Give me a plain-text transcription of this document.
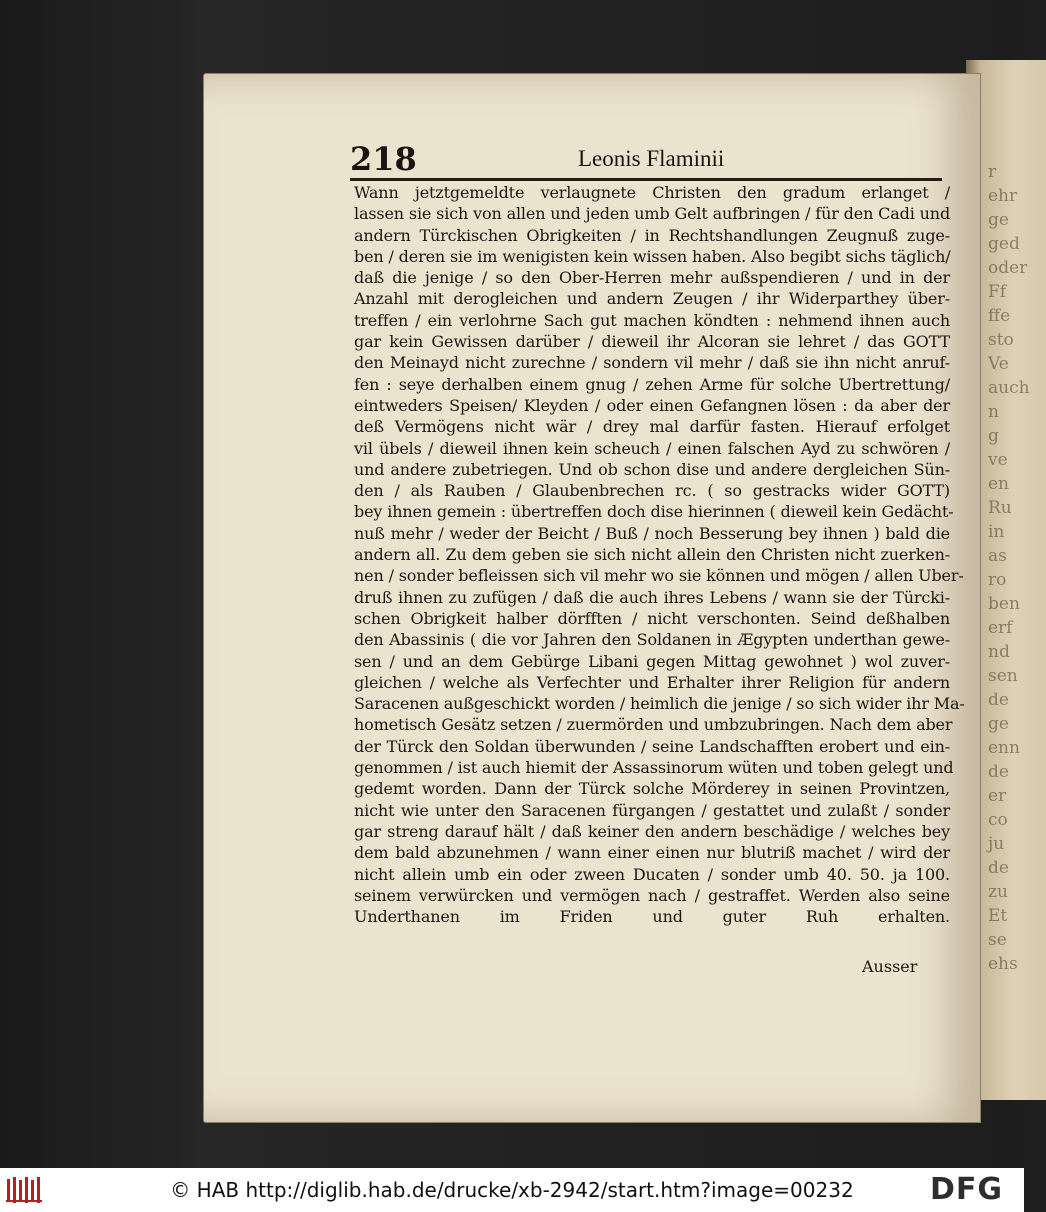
r
ehr
ge
ged
oder
Ff
ffe
sto
Ve
auch
n
g
ve
en
Ru
in
as
ro
ben
erf
nd
sen
de
ge
enn
de
er
co
ju
de
zu
Et
se
ehs
218	Leonis Flaminii
Wann jetztgemeldte verlaugnete Christen den gradum erlanget /
lassen sie sich von allen und jeden umb Gelt aufbringen / für den Cadi und
andern Türckischen Obrigkeiten / in Rechtshandlungen Zeugnuß zuge-
ben / deren sie im wenigisten kein wissen haben. Also begibt sichs täglich/
daß die jenige / so den Ober-Herren mehr außspendieren / und in der
Anzahl mit derogleichen und andern Zeugen / ihr Widerparthey über-
treffen / ein verlohrne Sach gut machen köndten : nehmend ihnen auch
gar kein Gewissen darüber / dieweil ihr Alcoran sie lehret / das GOTT
den Meinayd nicht zurechne / sondern vil mehr / daß sie ihn nicht anruf-
fen : seye derhalben einem gnug / zehen Arme für solche Ubertrettung/
eintweders Speisen/ Kleyden / oder einen Gefangnen lösen : da aber der
deß Vermögens nicht wär / drey mal darfür fasten. Hierauf erfolget
vil übels / dieweil ihnen kein scheuch / einen falschen Ayd zu schwören /
und andere zubetriegen. Und ob schon dise und andere dergleichen Sün-
den / als Rauben / Glaubenbrechen rc. ( so gestracks wider GOTT)
bey ihnen gemein : übertreffen doch dise hierinnen ( dieweil kein Gedächt-
nuß mehr / weder der Beicht / Buß / noch Besserung bey ihnen ) bald die
andern all. Zu dem geben sie sich nicht allein den Christen nicht zuerken-
nen / sonder befleissen sich vil mehr wo sie können und mögen / allen Uber-
druß ihnen zu zufügen / daß die auch ihres Lebens / wann sie der Türcki-
schen Obrigkeit halber dörfften / nicht verschonten. Seind deßhalben
den Abassinis ( die vor Jahren den Soldanen in Ægypten underthan gewe-
sen / und an dem Gebürge Libani gegen Mittag gewohnet ) wol zuver-
gleichen / welche als Verfechter und Erhalter ihrer Religion für andern
Saracenen außgeschickt worden / heimlich die jenige / so sich wider ihr Ma-
hometisch Gesätz setzen / zuermörden und umbzubringen. Nach dem aber
der Türck den Soldan überwunden / seine Landschafften erobert und ein-
genommen / ist auch hiemit der Assassinorum wüten und toben gelegt und
gedemt worden. Dann der Türck solche Mörderey in seinen Provintzen,
nicht wie unter den Saracenen fürgangen / gestattet und zulaßt / sonder
gar streng darauf hält / daß keiner den andern beschädige / welches bey
dem bald abzunehmen / wann einer einen nur blutriß machet / wird der
nicht allein umb ein oder zween Ducaten / sonder umb 40. 50. ja 100.
seinem verwürcken und vermögen nach / gestraffet. Werden also seine
Underthanen im Friden und guter Ruh erhalten.
Ausser
© HAB http://diglib.hab.de/drucke/xb-2942/start.htm?image=00232	DFG
